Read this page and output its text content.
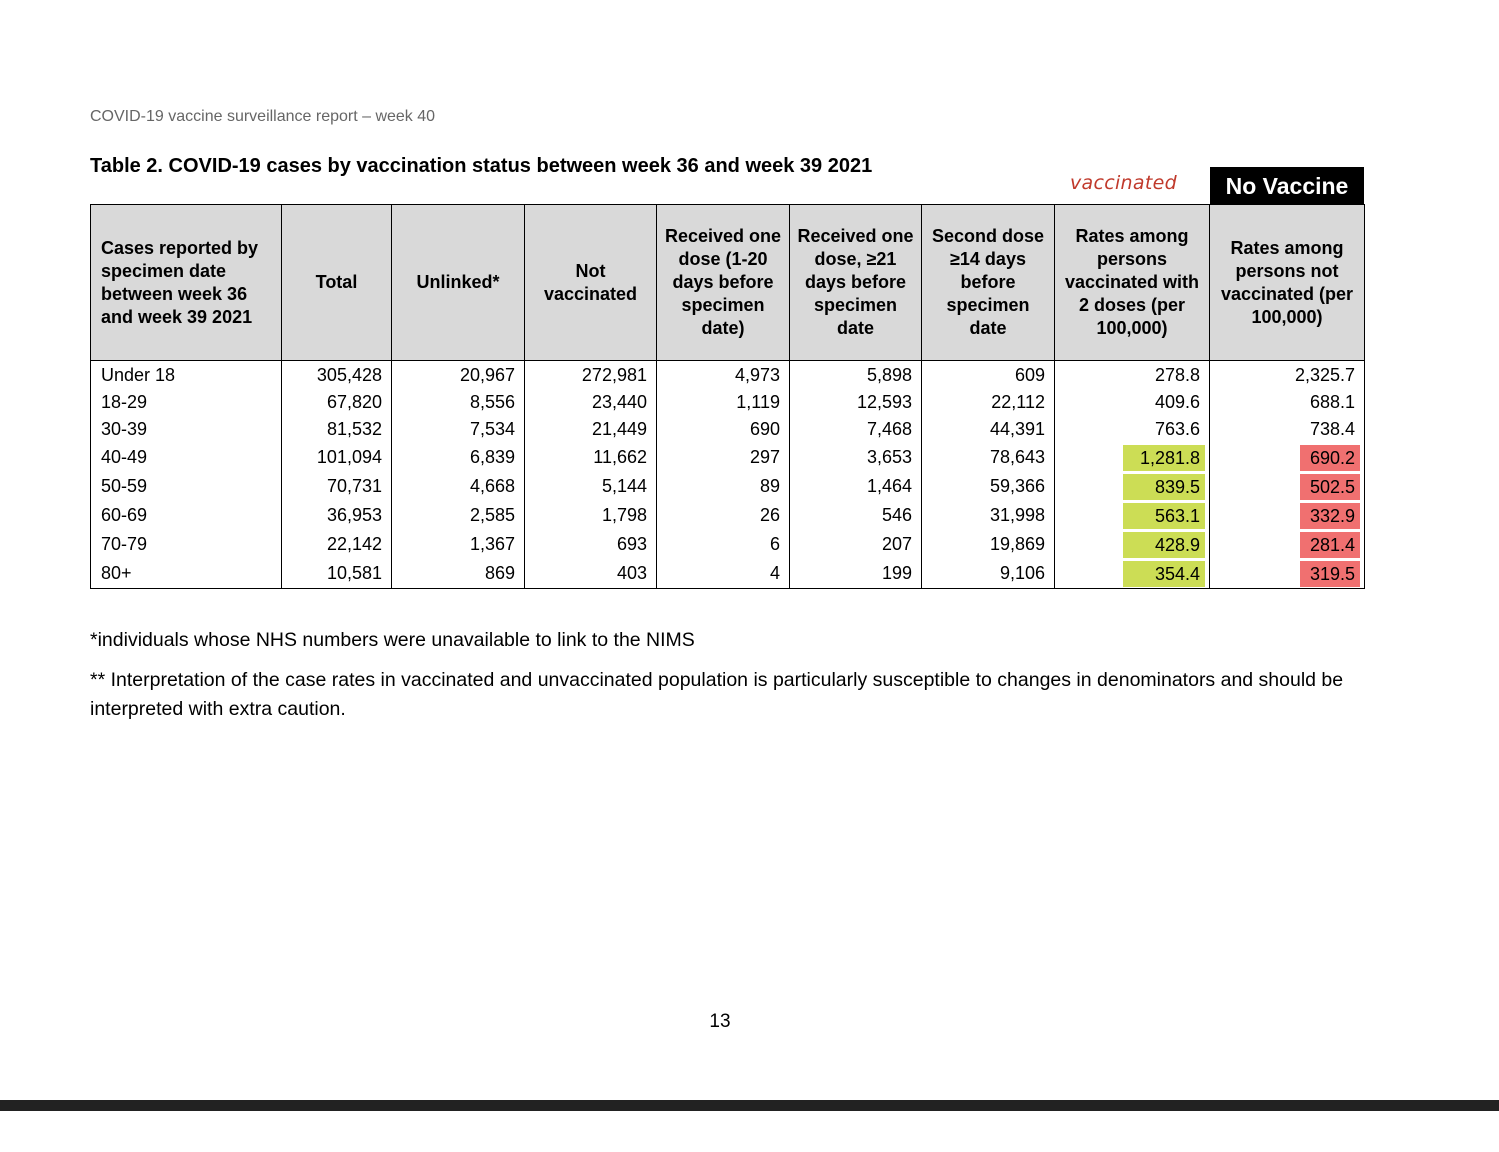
COVID-19 vaccine surveillance report – week 40
Table 2. COVID-19 cases by vaccination status between week 36 and week 39 2021
vaccinated	No Vaccine
Cases reported by specimen date between week 36 and week 39 2021	Total	Unlinked*	Not vaccinated	Received one dose (1-20 days before specimen date)	Received one dose, ≥21 days before specimen date	Second dose ≥14 days before specimen date	Rates among persons vaccinated with 2 doses (per 100,000)	Rates among persons not vaccinated (per 100,000)
Under 18	305,428	20,967	272,981	4,973	5,898	609	278.8	2,325.7
18-29	67,820	8,556	23,440	1,119	12,593	22,112	409.6	688.1
30-39	81,532	7,534	21,449	690	7,468	44,391	763.6	738.4
40-49	101,094	6,839	11,662	297	3,653	78,643	1,281.8	690.2

50-59	70,731	4,668	5,144	89	1,464	59,366	839.5	502.5

60-69	36,953	2,585	1,798	26	546	31,998	563.1	332.9

70-79	22,142	1,367	693	6	207	19,869	428.9	281.4

80+	10,581	869	403	4	199	9,106	354.4	319.5
*individuals whose NHS numbers were unavailable to link to the NIMS
** Interpretation of the case rates in vaccinated and unvaccinated population is particularly susceptible to changes in denominators and should be interpreted with extra caution.
13
